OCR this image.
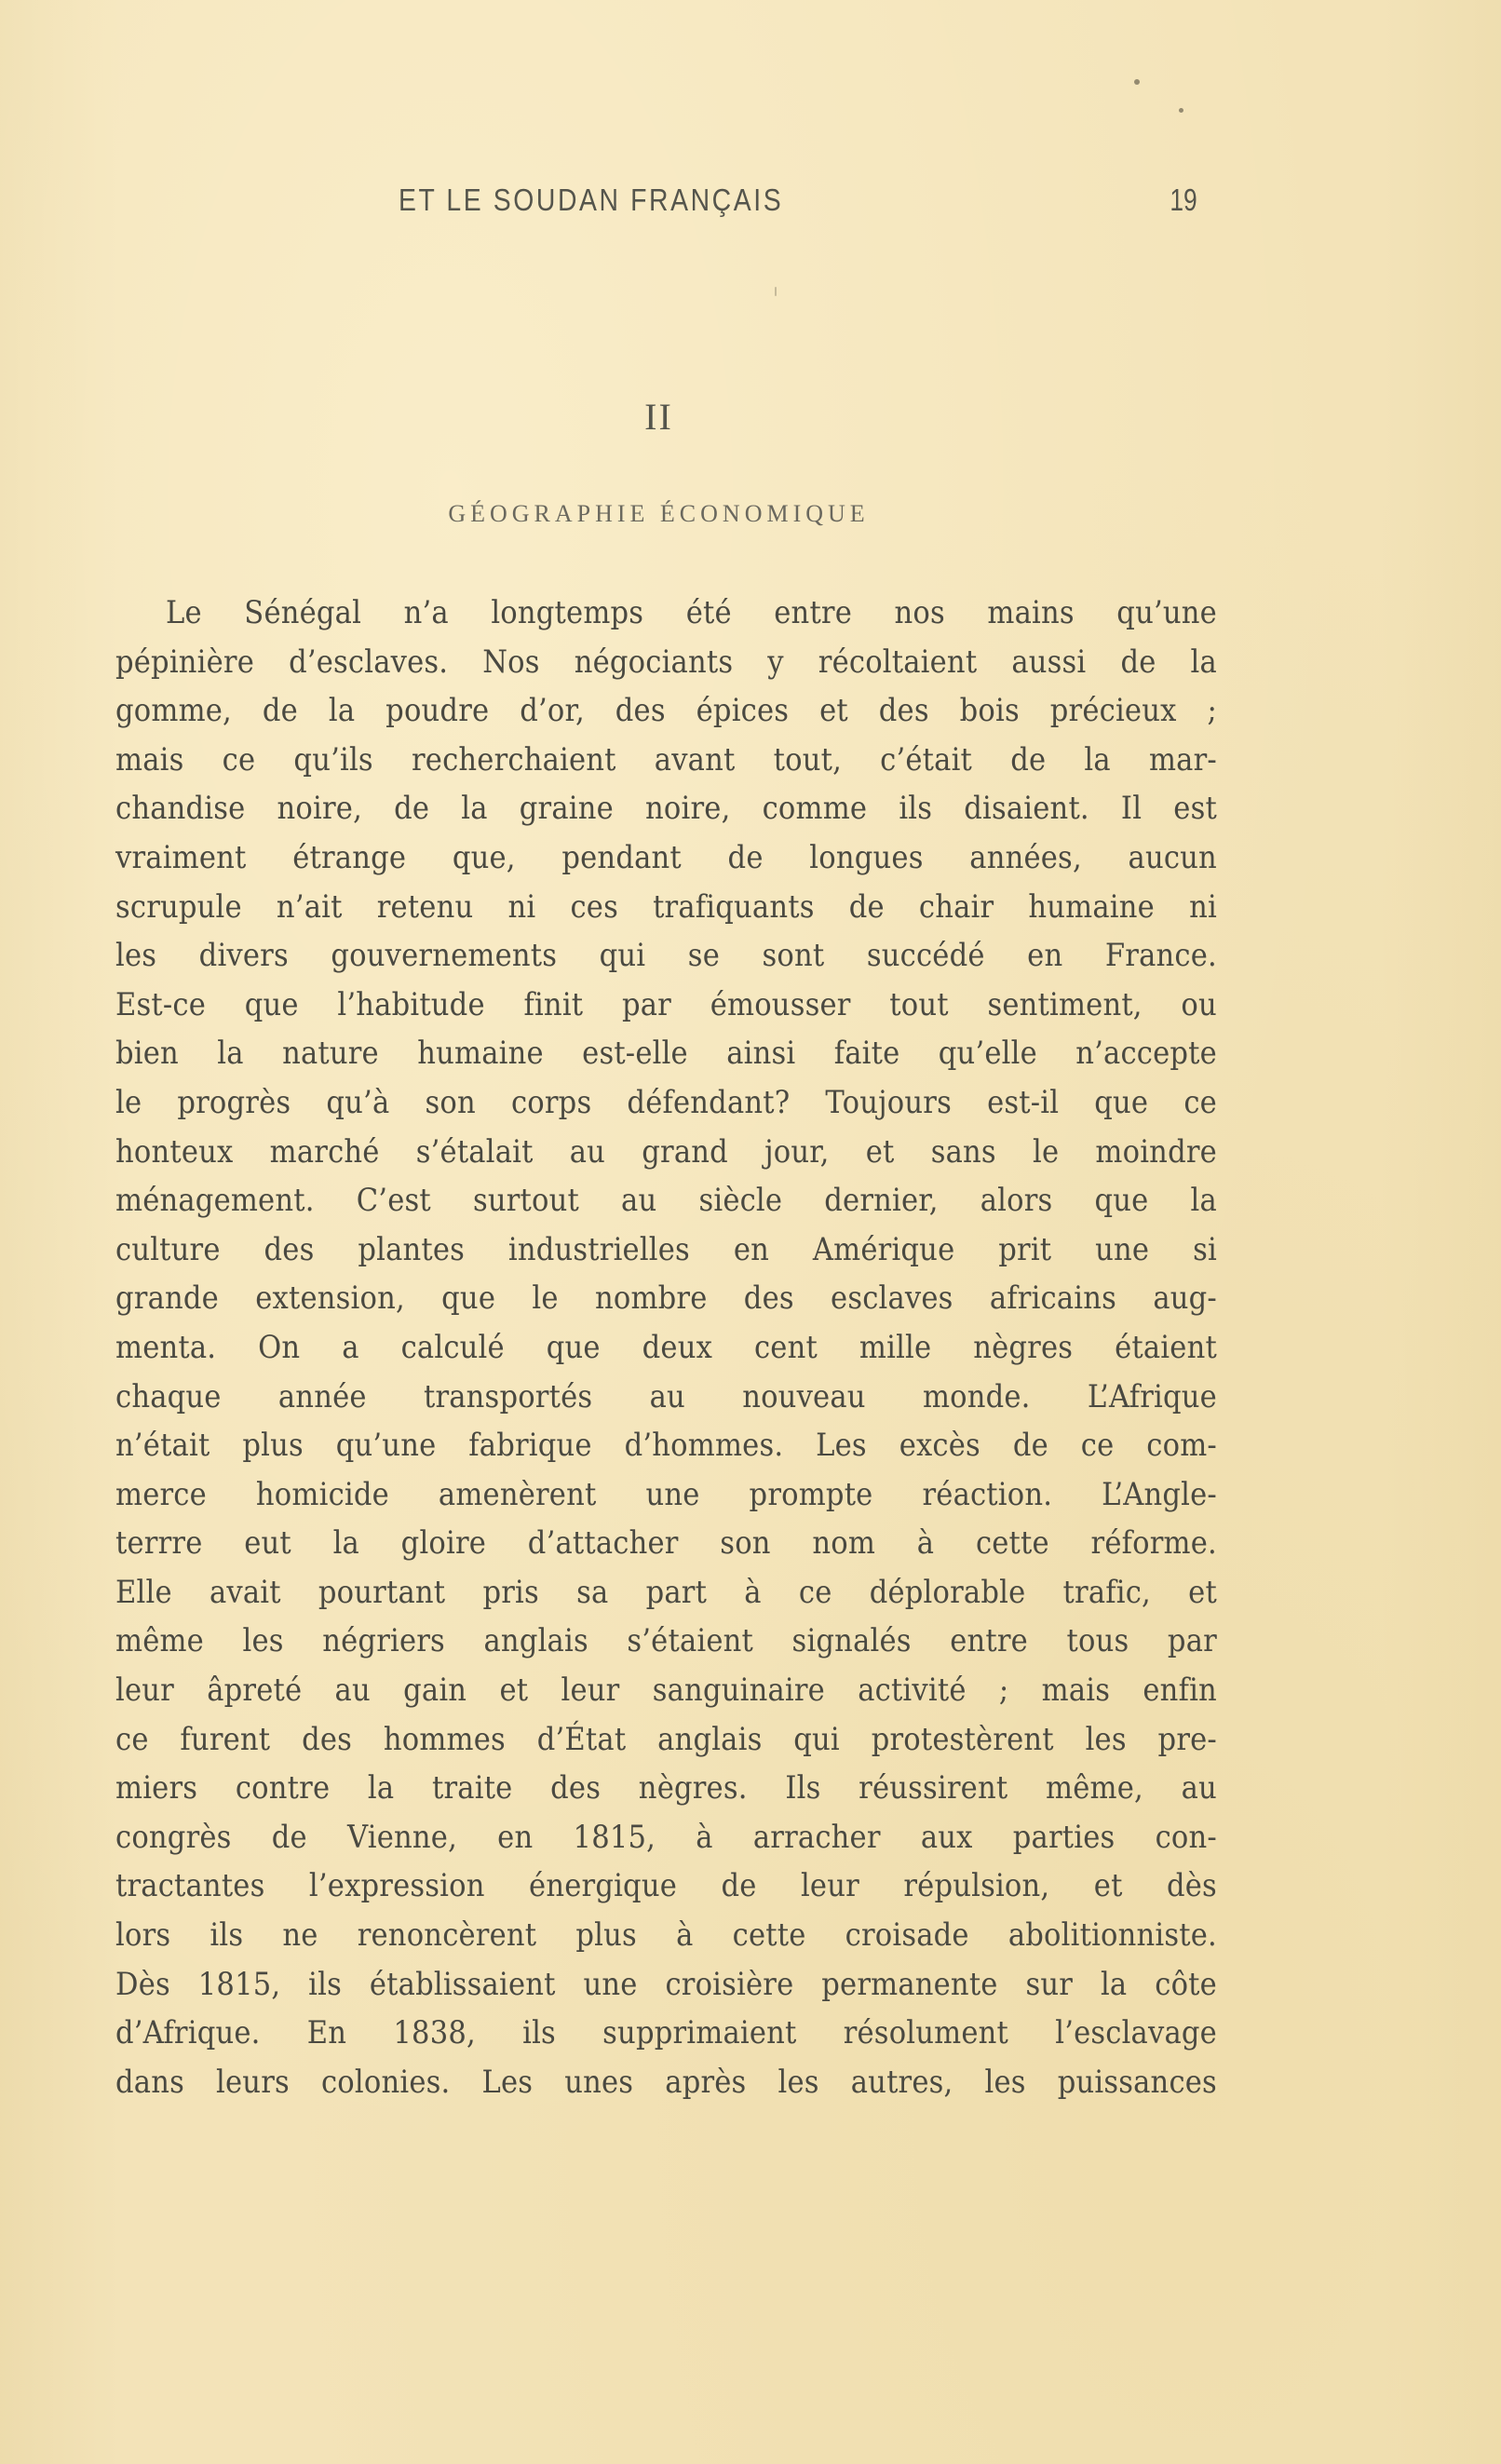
ET LE SOUDAN FRANÇAIS	19
II
GÉOGRAPHIE ÉCONOMIQUE
Le Sénégal n’a longtemps été entre nos mains qu’une
pépinière d’esclaves. Nos négociants y récoltaient aussi de la
gomme, de la poudre d’or, des épices et des bois précieux ;
mais ce qu’ils recherchaient avant tout, c’était de la mar-
chandise noire, de la graine noire, comme ils disaient. Il est
vraiment étrange que, pendant de longues années, aucun
scrupule n’ait retenu ni ces trafiquants de chair humaine ni
les divers gouvernements qui se sont succédé en France.
Est-ce que l’habitude finit par émousser tout sentiment, ou
bien la nature humaine est-elle ainsi faite qu’elle n’accepte
le progrès qu’à son corps défendant? Toujours est-il que ce
honteux marché s’étalait au grand jour, et sans le moindre
ménagement. C’est surtout au siècle dernier, alors que la
culture des plantes industrielles en Amérique prit une si
grande extension, que le nombre des esclaves africains aug-
menta. On a calculé que deux cent mille nègres étaient
chaque année transportés au nouveau monde. L’Afrique
n’était plus qu’une fabrique d’hommes. Les excès de ce com-
merce homicide amenèrent une prompte réaction. L’Angle-
terrre eut la gloire d’attacher son nom à cette réforme.
Elle avait pourtant pris sa part à ce déplorable trafic, et
même les négriers anglais s’étaient signalés entre tous par
leur âpreté au gain et leur sanguinaire activité ; mais enfin
ce furent des hommes d’État anglais qui protestèrent les pre-
miers contre la traite des nègres. Ils réussirent même, au
congrès de Vienne, en 1815, à arracher aux parties con-
tractantes l’expression énergique de leur répulsion, et dès
lors ils ne renoncèrent plus à cette croisade abolitionniste.
Dès 1815, ils établissaient une croisière permanente sur la côte
d’Afrique. En 1838, ils supprimaient résolument l’esclavage
dans leurs colonies. Les unes après les autres, les puissances
